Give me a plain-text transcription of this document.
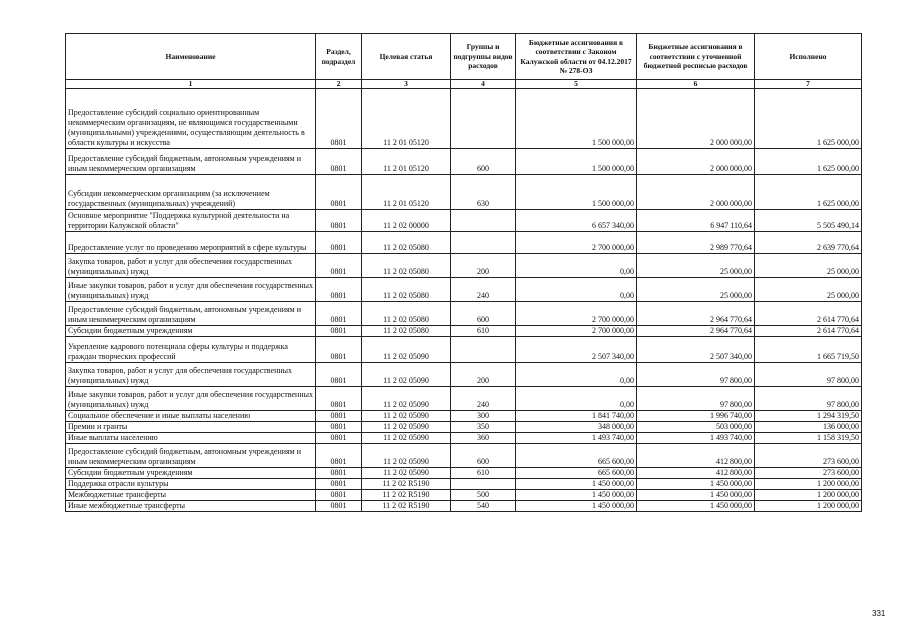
Наименование	Раздел, подраздел	Целевая статья	Группы и подгруппы видов расходов	Бюджетные ассигнования в соответствии с Законом Калужской области от 04.12.2017 № 278-ОЗ	Бюджетные ассигнования в соответствии с уточненной бюджетной росписью расходов	Исполнено
1	2	3	4	5	6	7
Предоставление субсидий социально ориентированным некоммерческим организациям, не являющимся государственными (муниципальными) учреждениями, осуществляющим деятельность в области культуры и искусства	0801	11 2 01 05120		1 500 000,00	2 000 000,00	1 625 000,00
Предоставление субсидий бюджетным, автономным учреждениям и иным некоммерческим организациям	0801	11 2 01 05120	600	1 500 000,00	2 000 000,00	1 625 000,00
Субсидии некоммерческим организациям (за исключением государственных (муниципальных) учреждений)	0801	11 2 01 05120	630	1 500 000,00	2 000 000,00	1 625 000,00
Основное мероприятие "Поддержка культурной деятельности на территории Калужской области"	0801	11 2 02 00000		6 657 340,00	6 947 110,64	5 505 490,14
Предоставление услуг по проведению мероприятий в сфере культуры	0801	11 2 02 05080		2 700 000,00	2 989 770,64	2 639 770,64
Закупка товаров, работ и услуг для обеспечения государственных (муниципальных) нужд	0801	11 2 02 05080	200	0,00	25 000,00	25 000,00
Иные закупки товаров, работ и услуг для обеспечения государственных (муниципальных) нужд	0801	11 2 02 05080	240	0,00	25 000,00	25 000,00
Предоставление субсидий бюджетным, автономным учреждениям и иным некоммерческим организациям	0801	11 2 02 05080	600	2 700 000,00	2 964 770,64	2 614 770,64
Субсидии бюджетным учреждениям	0801	11 2 02 05080	610	2 700 000,00	2 964 770,64	2 614 770,64
Укрепление кадрового потенциала сферы культуры и поддержка граждан творческих профессий	0801	11 2 02 05090		2 507 340,00	2 507 340,00	1 665 719,50
Закупка товаров, работ и услуг для обеспечения государственных (муниципальных) нужд	0801	11 2 02 05090	200	0,00	97 800,00	97 800,00
Иные закупки товаров, работ и услуг для обеспечения государственных (муниципальных) нужд	0801	11 2 02 05090	240	0,00	97 800,00	97 800,00
Социальное обеспечение и иные выплаты населению	0801	11 2 02 05090	300	1 841 740,00	1 996 740,00	1 294 319,50
Премии и гранты	0801	11 2 02 05090	350	348 000,00	503 000,00	136 000,00
Иные выплаты населению	0801	11 2 02 05090	360	1 493 740,00	1 493 740,00	1 158 319,50
Предоставление субсидий бюджетным, автономным учреждениям и иным некоммерческим организациям	0801	11 2 02 05090	600	665 600,00	412 800,00	273 600,00
Субсидии бюджетным учреждениям	0801	11 2 02 05090	610	665 600,00	412 800,00	273 600,00
Поддержка отрасли культуры	0801	11 2 02 R5190		1 450 000,00	1 450 000,00	1 200 000,00
Межбюджетные трансферты	0801	11 2 02 R5190	500	1 450 000,00	1 450 000,00	1 200 000,00
Иные межбюджетные трансферты	0801	11 2 02 R5190	540	1 450 000,00	1 450 000,00	1 200 000,00
331
